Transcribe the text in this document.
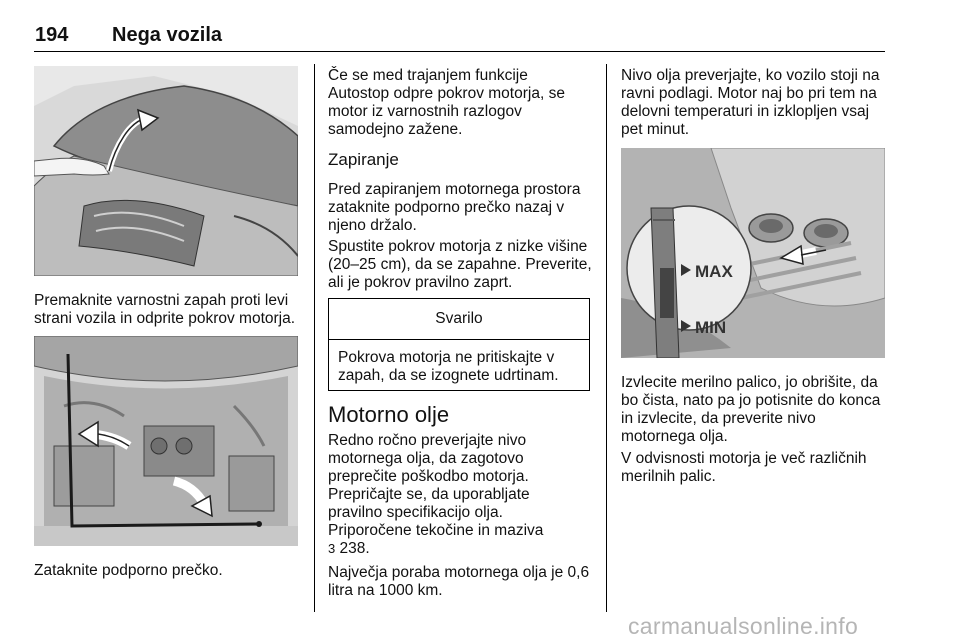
194 Nega vozila

Premaknite varnostni zapah proti levi strani vozila in odprite pokrov motorja.

Zataknite podporno prečko.

Če se med trajanjem funkcije Autostop odpre pokrov motorja, se motor iz varnostnih razlogov samodejno zažene.

Zapiranje

Pred zapiranjem motornega prostora zataknite podporno prečko nazaj v njeno držalo.

Spustite pokrov motorja z nizke višine (20–25 cm), da se zapahne. Preverite, ali je pokrov pravilno zaprt.

Svarilo
Pokrova motorja ne pritiskajte v zapah, da se izognete udrtinam.
Motorno olje

Redno ročno preverjajte nivo motornega olja, da zagotovo preprečite poškodbo motorja. Prepričajte se, da uporabljate pravilno specifikacijo olja.

Priporočene tekočine in maziva

3 238.

Največja poraba motornega olja je 0,6 litra na 1000 km.

Nivo olja preverjajte, ko vozilo stoji na ravni podlagi. Motor naj bo pri tem na delovni temperaturi in izklopljen vsaj pet minut.

MAX
MIN

Izvlecite merilno palico, jo obrišite, da bo čista, nato pa jo potisnite do konca in izvlecite, da preverite nivo motornega olja.

V odvisnosti motorja je več različnih merilnih palic.

carmanualsonline.info
